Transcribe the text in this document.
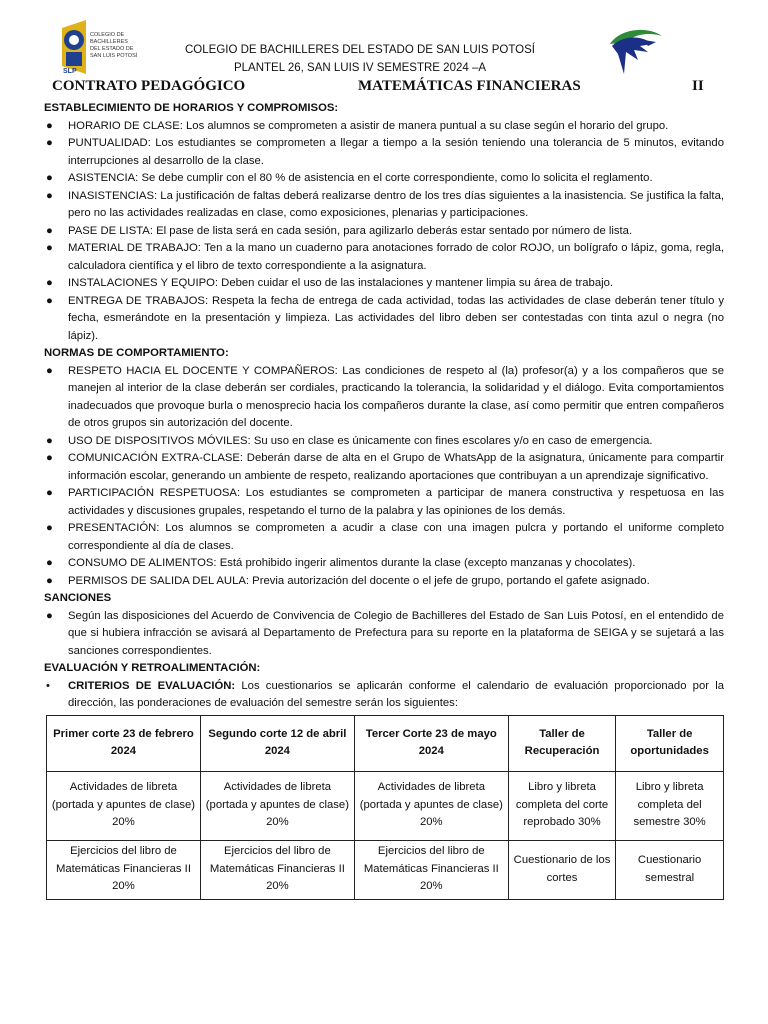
SLP
COLEGIO DE
BACHILLERES
DEL ESTADO DE
SAN LUIS POTOSÍ	COLEGIO DE BACHILLERES DEL ESTADO DE SAN LUIS POTOSÍ
PLANTEL 26, SAN LUIS IV SEMESTRE 2024 –A
CONTRATO PEDAGÓGICO	MATEMÁTICAS FINANCIERAS	II
ESTABLECIMIENTO DE HORARIOS Y COMPROMISOS:
● HORARIO DE CLASE: Los alumnos se comprometen a asistir de manera puntual a su clase según el horario del grupo.
● PUNTUALIDAD: Los estudiantes se comprometen a llegar a tiempo a la sesión teniendo una tolerancia de 5 minutos, evitando interrupciones al desarrollo de la clase.
● ASISTENCIA: Se debe cumplir con el 80 % de asistencia en el corte correspondiente, como lo solicita el reglamento.
● INASISTENCIAS: La justificación de faltas deberá realizarse dentro de los tres días siguientes a la inasistencia. Se justifica la falta, pero no las actividades realizadas en clase, como exposiciones, plenarias y participaciones.
● PASE DE LISTA: El pase de lista será en cada sesión, para agilizarlo deberás estar sentado por número de lista.
● MATERIAL DE TRABAJO: Ten a la mano un cuaderno para anotaciones forrado de color ROJO, un bolígrafo o lápiz, goma, regla, calculadora científica y el libro de texto correspondiente a la asignatura.
● INSTALACIONES Y EQUIPO: Deben cuidar el uso de las instalaciones y mantener limpia su área de trabajo.
● ENTREGA DE TRABAJOS: Respeta la fecha de entrega de cada actividad, todas las actividades de clase deberán tener título y fecha, esmerándote en la presentación y limpieza. Las actividades del libro deben ser contestadas con tinta azul o negra (no lápiz).
NORMAS DE COMPORTAMIENTO:
● RESPETO HACIA EL DOCENTE Y COMPAÑEROS: Las condiciones de respeto al (la) profesor(a) y a los compañeros que se manejen al interior de la clase deberán ser cordiales, practicando la tolerancia, la solidaridad y el diálogo. Evita comportamientos inadecuados que provoque burla o menosprecio hacia los compañeros durante la clase, así como permitir que entren compañeros de otros grupos sin autorización del docente.
● USO DE DISPOSITIVOS MÓVILES: Su uso en clase es únicamente con fines escolares y/o en caso de emergencia.
● COMUNICACIÓN EXTRA-CLASE: Deberán darse de alta en el Grupo de WhatsApp de la asignatura, únicamente para compartir información escolar, generando un ambiente de respeto, realizando aportaciones que contribuyan a un aprendizaje significativo.
● PARTICIPACIÓN RESPETUOSA: Los estudiantes se comprometen a participar de manera constructiva y respetuosa en las actividades y discusiones grupales, respetando el turno de la palabra y las opiniones de los demás.
● PRESENTACIÓN: Los alumnos se comprometen a acudir a clase con una imagen pulcra y portando el uniforme completo correspondiente al día de clases.
● CONSUMO DE ALIMENTOS: Está prohibido ingerir alimentos durante la clase (excepto manzanas y chocolates).
● PERMISOS DE SALIDA DEL AULA: Previa autorización del docente o el jefe de grupo, portando el gafete asignado.
SANCIONES
● Según las disposiciones del Acuerdo de Convivencia de Colegio de Bachilleres del Estado de San Luis Potosí, en el entendido de que si hubiera infracción se avisará al Departamento de Prefectura para su reporte en la plataforma de SEIGA y se sujetará a las sanciones correspondientes.
EVALUACIÓN Y RETROALIMENTACIÓN:
• CRITERIOS DE EVALUACIÓN: Los cuestionarios se aplicarán conforme el calendario de evaluación proporcionado por la dirección, las ponderaciones de evaluación del semestre serán los siguientes:
Primer corte 23 de febrero 2024	Segundo corte 12 de abril 2024	Tercer Corte 23 de mayo 2024	Taller de Recuperación	Taller de oportunidades
Actividades de libreta (portada y apuntes de clase) 20%	Actividades de libreta (portada y apuntes de clase) 20%	Actividades de libreta (portada y apuntes de clase) 20%	Libro y libreta completa del corte reprobado 30%	Libro y libreta completa del semestre 30%
Ejercicios del libro de Matemáticas Financieras II 20%	Ejercicios del libro de Matemáticas Financieras II 20%	Ejercicios del libro de Matemáticas Financieras II 20%	Cuestionario de los cortes	Cuestionario semestral
